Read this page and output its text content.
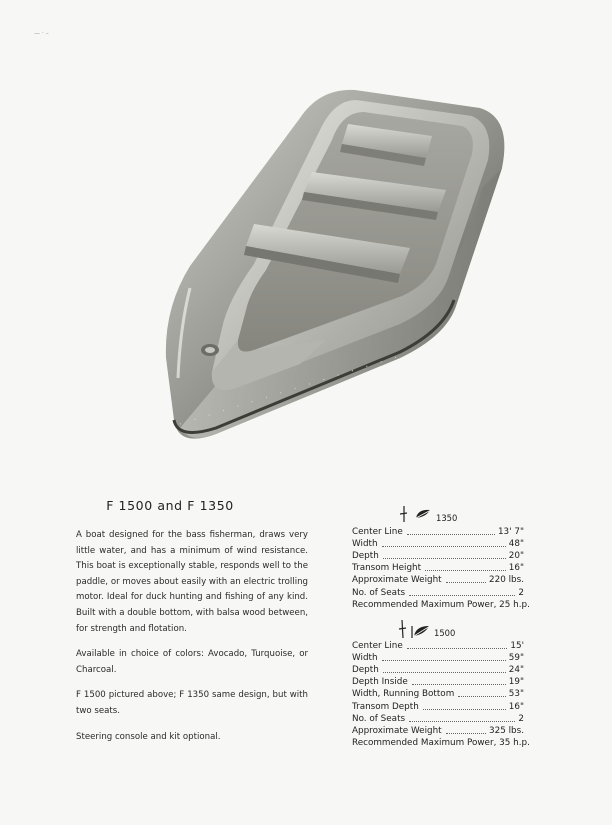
— · –
F 1500 and F 1350

A boat designed for the bass fisherman, draws very little water, and has a minimum of wind resistance. This boat is exceptionally stable, responds well to the paddle, or moves about easily with an electric trolling motor. Ideal for duck hunting and fishing of any kind. Built with a double bottom, with balsa wood between, for strength and flotation.

Available in choice of colors: Avocado, Turquoise, or Charcoal.

F 1500 pictured above; F 1350 same design, but with two seats.

Steering console and kit optional.

1350
Center Line	13' 7"
Width	48"
Depth	20"
Transom Height	16"
Approximate Weight	220 lbs.
No. of Seats	2
Recommended Maximum Power, 25 h.p.
1500
Center Line	15'
Width	59"
Depth	24"
Depth Inside	19"
Width, Running Bottom	53"
Transom Depth	16"
No. of Seats	2
Approximate Weight	325 lbs.
Recommended Maximum Power, 35 h.p.
